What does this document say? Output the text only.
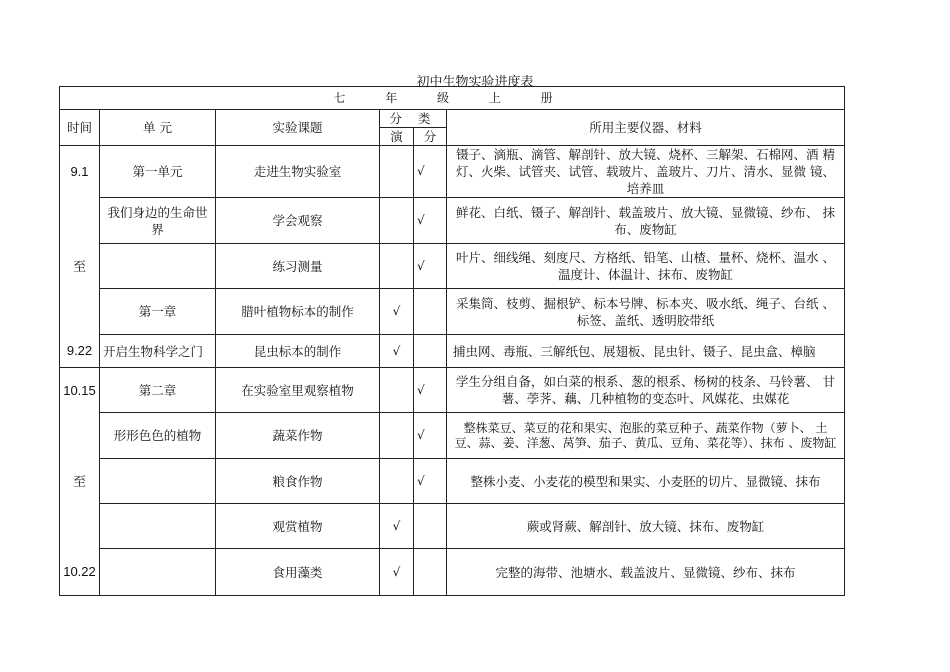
初中生物实验进度表
七 年 级 上 册					
时间	单 元	实验课题	分 类		所用主要仪器、材料
			演	分	
9.1	第一单元	走进生物实验室		√	镊子、滴瓶、滴管、解剖针、放大镜、烧杯、三解架、石棉网、酒 精灯、火柴、试管夹、试管、载玻片、盖玻片、刀片、清水、显微 镜、培养皿
	我们身边的生命世 界	学会观察		√	鲜花、白纸、镊子、解剖针、载盖玻片、放大镜、显微镜、纱布、 抹布、废物缸
至		练习测量		√	叶片、细线绳、刻度尺、方格纸、铅笔、山楂、量杯、烧杯、温水 、温度计、体温计、抹布、废物缸
	第一章	腊叶植物标本的制作	√		采集筒、枝剪、掘根铲、标本号牌、标本夹、吸水纸、绳子、台纸 、标签、盖纸、透明胶带纸
9.22	开启生物科学之门	昆虫标本的制作	√		捕虫网、毒瓶、三解纸包、展翅板、昆虫针、镊子、昆虫盒、樟脑
10.15	第二章	在实验室里观察植物		√	学生分组自备，如白菜的根系、葱的根系、杨树的枝条、马铃薯、 甘薯、荸荠、藕、几种植物的变态叶、风媒花、虫媒花
	形形色色的植物	蔬菜作物		√	整株菜豆、菜豆的花和果实、泡胀的菜豆种子、蔬菜作物（萝卜、 土豆、蒜、姜、洋葱、莴笋、茄子、黄瓜、豆角、菜花等）、抹布 、废物缸
至		粮食作物		√	整株小麦、小麦花的模型和果实、小麦胚的切片、显微镜、抹布
		观赏植物	√		蕨或肾蕨、解剖针、放大镜、抹布、废物缸
10.22		食用藻类	√		完整的海带、池塘水、载盖波片、显微镜、纱布、抹布
